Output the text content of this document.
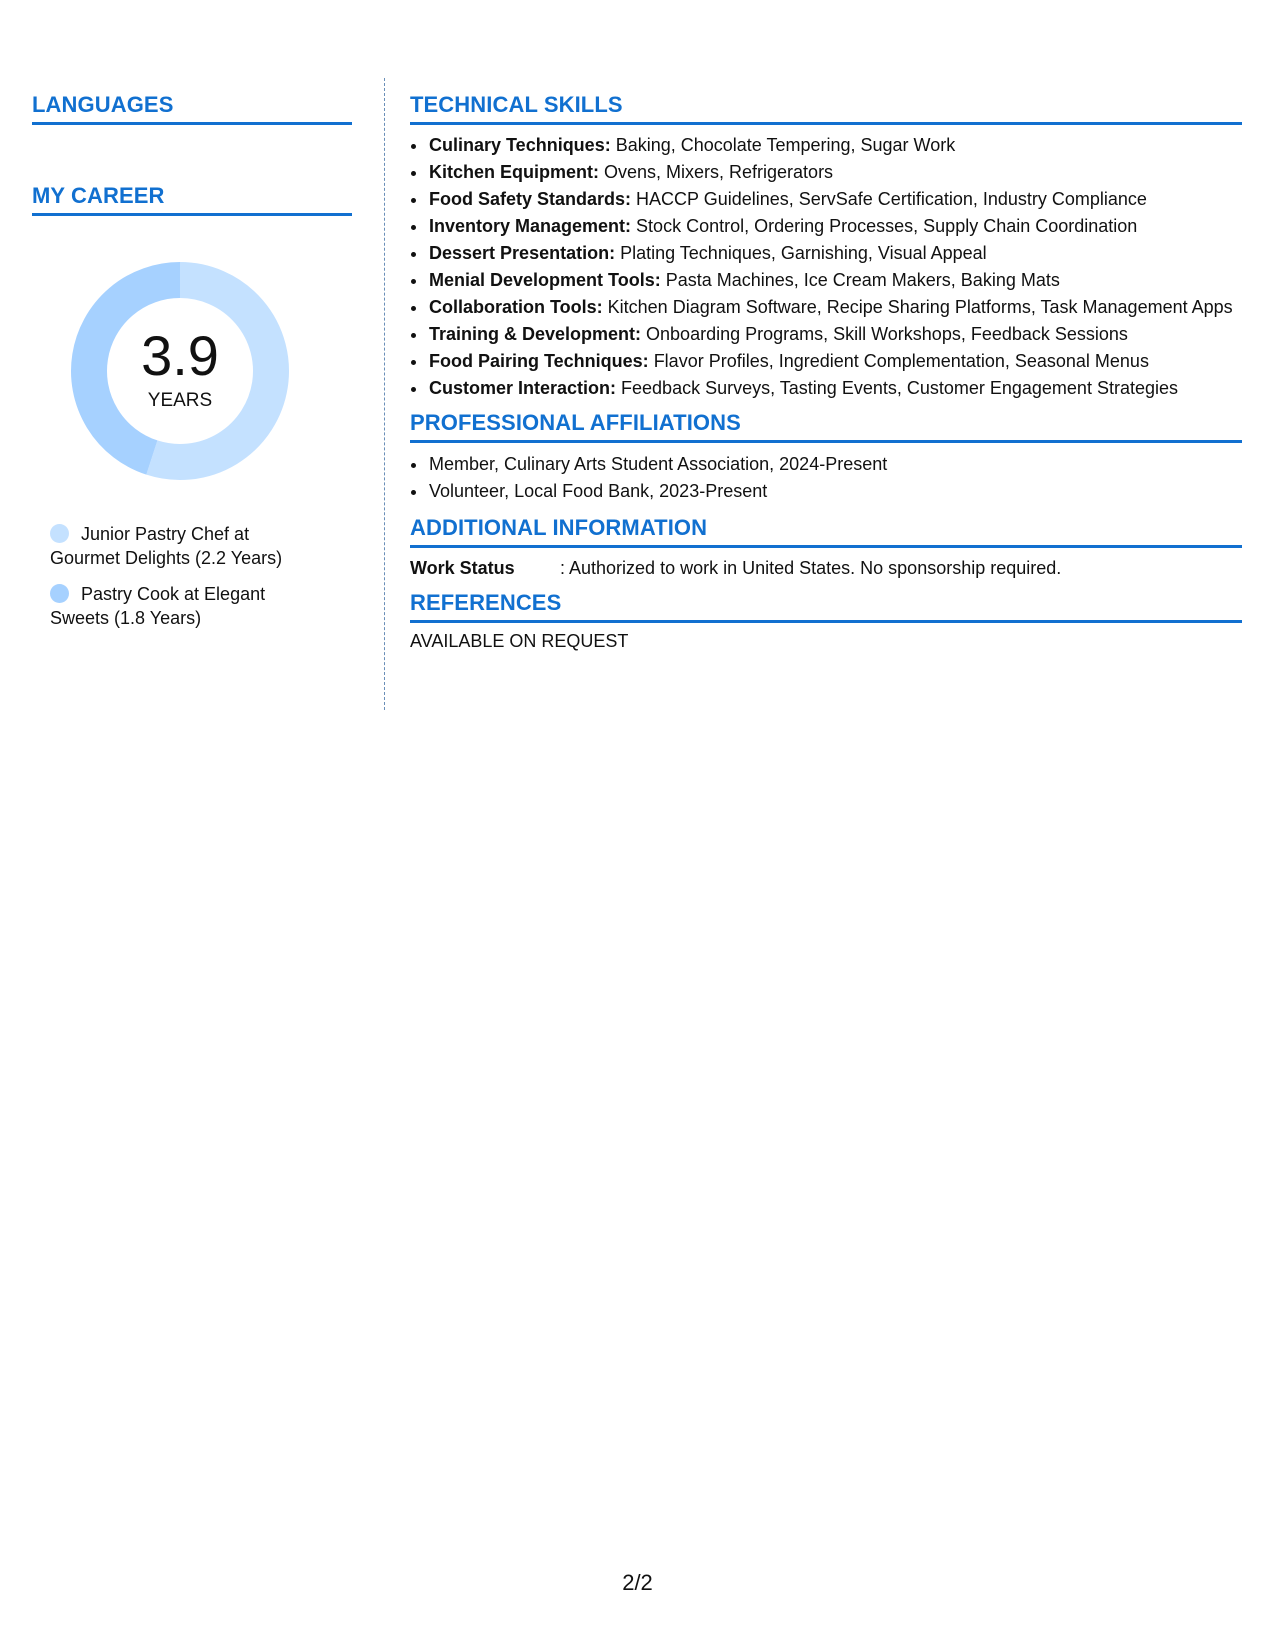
LANGUAGES
MY CAREER
3.9
YEARS
Junior Pastry Chef at Gourmet Delights (2.2 Years)
Pastry Cook at Elegant Sweets (1.8 Years)
TECHNICAL SKILLS
• Culinary Techniques: Baking, Chocolate Tempering, Sugar Work
• Kitchen Equipment: Ovens, Mixers, Refrigerators
• Food Safety Standards: HACCP Guidelines, ServSafe Certification, Industry Compliance
• Inventory Management: Stock Control, Ordering Processes, Supply Chain Coordination
• Dessert Presentation: Plating Techniques, Garnishing, Visual Appeal
• Menial Development Tools: Pasta Machines, Ice Cream Makers, Baking Mats
• Collaboration Tools: Kitchen Diagram Software, Recipe Sharing Platforms, Task Management Apps
• Training & Development: Onboarding Programs, Skill Workshops, Feedback Sessions
• Food Pairing Techniques: Flavor Profiles, Ingredient Complementation, Seasonal Menus
• Customer Interaction: Feedback Surveys, Tasting Events, Customer Engagement Strategies
PROFESSIONAL AFFILIATIONS
• Member, Culinary Arts Student Association, 2024-Present
• Volunteer, Local Food Bank, 2023-Present
ADDITIONAL INFORMATION
Work Status	: Authorized to work in United States. No sponsorship required.
REFERENCES
AVAILABLE ON REQUEST
2/2
